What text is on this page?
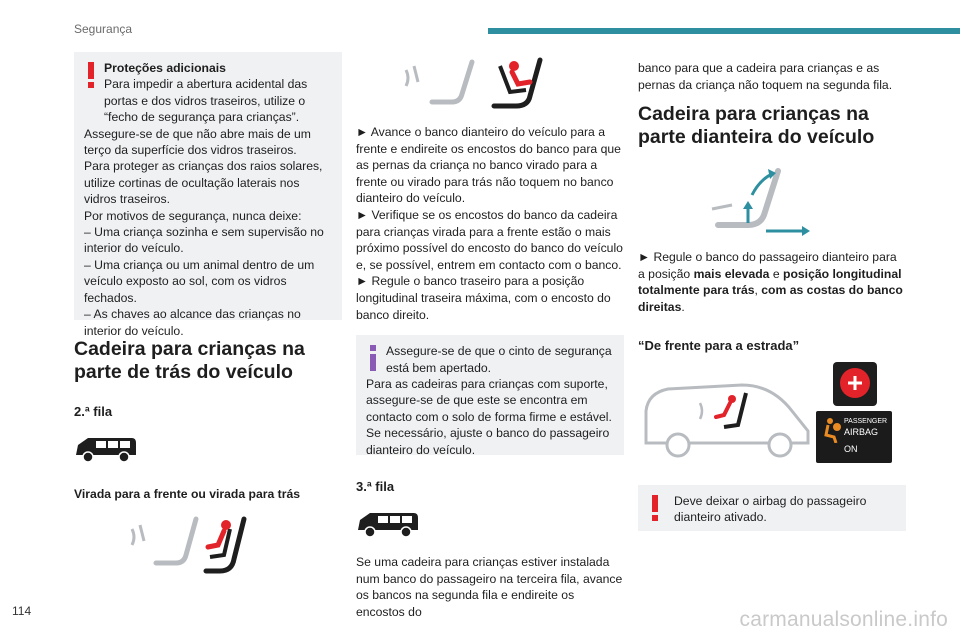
Segurança

Proteções adicionais

Para impedir a abertura acidental das portas e dos vidros traseiros, utilize o “fecho de segurança para crianças”.

Assegure-se de que não abre mais de um terço da superfície dos vidros traseiros.

Para proteger as crianças dos raios solares, utilize cortinas de ocultação laterais nos vidros traseiros.

Por motivos de segurança, nunca deixe:

– Uma criança sozinha e sem supervisão no interior do veículo.

– Uma criança ou um animal dentro de um veículo exposto ao sol, com os vidros fechados.

– As chaves ao alcance das crianças no interior do veículo.

Cadeira para crianças na parte de trás do veículo
2.ª fila
Virada para a frente ou virada para trás

► Avance o banco dianteiro do veículo para a frente e endireite os encostos do banco para que as pernas da criança no banco virado para a frente ou virado para trás não toquem no banco dianteiro do veículo.

► Verifique se os encostos do banco da cadeira para crianças virada para a frente estão o mais próximo possível do encosto do banco do veículo e, se possível, entrem em contacto com o banco.

► Regule o banco traseiro para a posição longitudinal traseira máxima, com o encosto do banco direito.

Assegure-se de que o cinto de segurança está bem apertado.

Para as cadeiras para crianças com suporte, assegure-se de que este se encontra em contacto com o solo de forma firme e estável. Se necessário, ajuste o banco do passageiro dianteiro do veículo.

3.ª fila

Se uma cadeira para crianças estiver instalada num banco do passageiro na terceira fila, avance os bancos na segunda fila e endireite os encostos do

banco para que a cadeira para crianças e as pernas da criança não toquem na segunda fila.

Cadeira para crianças na parte dianteira do veículo

► Regule o banco do passageiro dianteiro para a posição mais elevada e posição longitudinal totalmente para trás, com as costas do banco direitas.

“De frente para a estrada”
PASSENGER
AIRBAG
ON

Deve deixar o airbag do passageiro dianteiro ativado.

114	carmanualsonline.info
